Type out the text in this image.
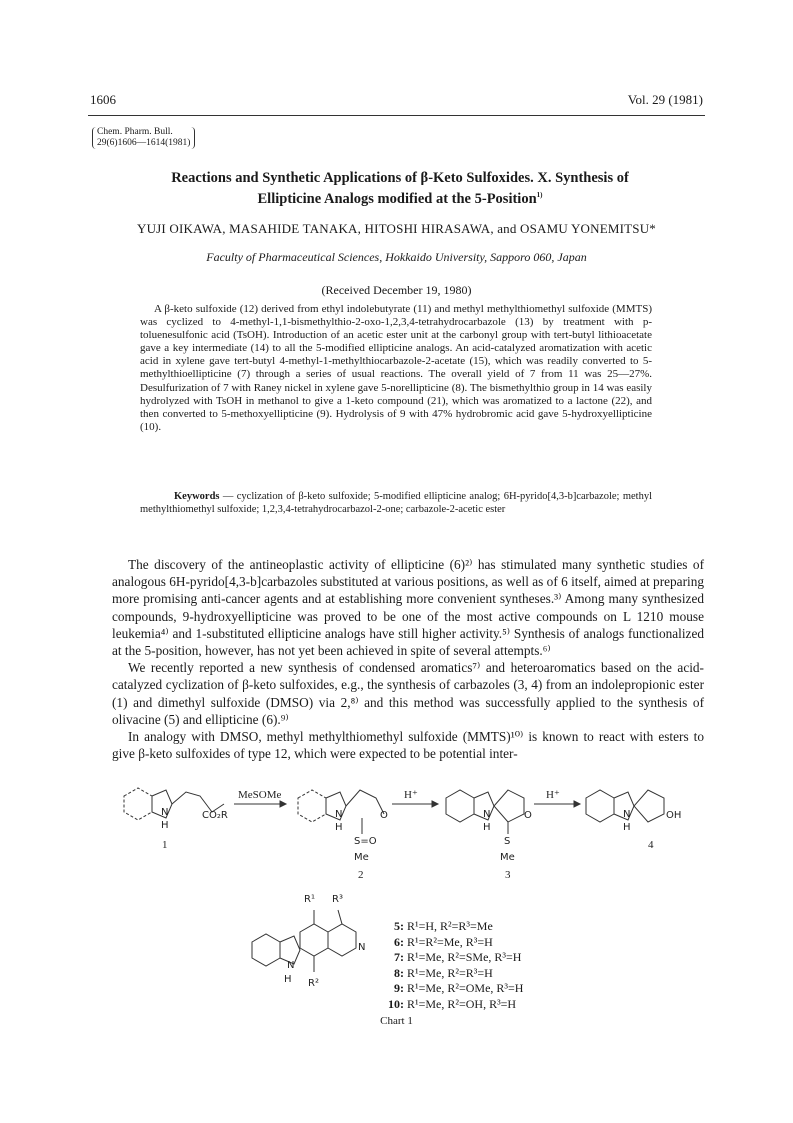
1606	Vol. 29 (1981)
Chem. Pharm. Bull.
29(6)1606—1614(1981)
Reactions and Synthetic Applications of β-Keto Sulfoxides. X. Synthesis of
Ellipticine Analogs modified at the 5-Position$^{1)}$
YUJI OIKAWA, MASAHIDE TANAKA, HITOSHI HIRASAWA, and OSAMU YONEMITSU*
Faculty of Pharmaceutical Sciences, Hokkaido University, Sapporo 060, Japan
(Received December 19, 1980)
A β-keto sulfoxide (12) derived from ethyl indolebutyrate (11) and methyl methylthiomethyl sulfoxide (MMTS) was cyclized to 4-methyl-1,1-bismethylthio-2-oxo-1,2,3,4-tetrahydrocarbazole (13) by treatment with p-toluenesulfonic acid (TsOH). Introduction of an acetic ester unit at the carbonyl group with tert-butyl lithioacetate gave a key intermediate (14) to all the 5-modified ellipticine analogs. An acid-catalyzed aromatization with acetic acid in xylene gave tert-butyl 4-methyl-1-methylthiocarbazole-2-acetate (15), which was readily converted to 5-methylthioellipticine (7) through a series of usual reactions. The overall yield of 7 from 11 was 25—27%. Desulfurization of 7 with Raney nickel in xylene gave 5-norellipticine (8). The bismethylthio group in 14 was easily hydrolyzed with TsOH in methanol to give a 1-keto compound (21), which was aromatized to a lactone (22), and then converted to 5-methoxyellipticine (9). Hydrolysis of 9 with 47% hydrobromic acid gave 5-hydroxyellipticine (10).
Keywords — cyclization of β-keto sulfoxide; 5-modified ellipticine analog; 6H-pyrido[4,3-b]carbazole; methyl methylthiomethyl sulfoxide; 1,2,3,4-tetrahydrocarbazol-2-one; carbazole-2-acetic ester

The discovery of the antineoplastic activity of ellipticine (6)²⁾ has stimulated many synthetic studies of analogous 6H-pyrido[4,3-b]carbazoles substituted at various positions, as well as of 6 itself, aimed at preparing more promising anti-cancer agents and at establishing more convenient syntheses.³⁾ Among many synthesized compounds, 9-hydroxyellipticine was proved to be one of the most active compounds on L 1210 mouse leukemia⁴⁾ and 1-substituted ellipticine analogs have still higher activity.⁵⁾ Synthesis of analogs functionalized at the 5-position, however, has not yet been achieved in spite of several attempts.⁶⁾

We recently reported a new synthesis of condensed aromatics⁷⁾ and heteroaromatics based on the acid-catalyzed cyclization of β-keto sulfoxides, e.g., the synthesis of carbazoles (3, 4) from an indolepropionic ester (1) and dimethyl sulfoxide (DMSO) via 2,⁸⁾ and this method was successfully applied to the synthesis of olivacine (5) and ellipticine (6).⁹⁾

In analogy with DMSO, methyl methylthiomethyl sulfoxide (MMTS)¹⁰⁾ is known to react with esters to give β-keto sulfoxides of type 12, which were expected to be potential inter-

MeSOMe	H⁺	H⁺
N
H
CO₂R
1
N
H
O
S=O
Me
2
N
H
O
S
Me
3
N
H
OH
4
R¹ R³
N
N
H R²
5: R¹=H, R²=R³=Me
6: R¹=R²=Me, R³=H
7: R¹=Me, R²=SMe, R³=H
8: R¹=Me, R²=R³=H
9: R¹=Me, R²=OMe, R³=H
10: R¹=Me, R²=OH, R³=H
Chart 1
